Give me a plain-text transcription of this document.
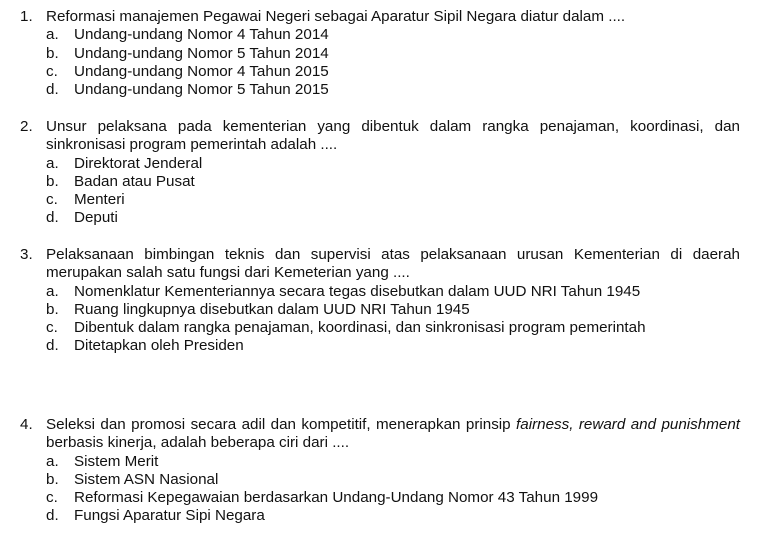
1. Reformasi manajemen Pegawai Negeri sebagai Aparatur Sipil Negara diatur dalam ....
a.	Undang-undang Nomor 4 Tahun 2014
b.	Undang-undang Nomor 5 Tahun 2014
c.	Undang-undang Nomor 4 Tahun 2015
d.	Undang-undang Nomor 5 Tahun 2015
2. Unsur pelaksana pada kementerian yang dibentuk dalam rangka penajaman, koordinasi, dan sinkronisasi program pemerintah adalah ....
a.	Direktorat Jenderal
b.	Badan atau Pusat
c.	Menteri
d.	Deputi
3. Pelaksanaan bimbingan teknis dan supervisi atas pelaksanaan urusan Kementerian di daerah merupakan salah satu fungsi dari Kemeterian yang ....
a.	Nomenklatur Kementeriannya secara tegas disebutkan dalam UUD NRI Tahun 1945
b.	Ruang lingkupnya disebutkan dalam UUD NRI Tahun 1945
c.	Dibentuk dalam rangka penajaman, koordinasi, dan sinkronisasi program pemerintah
d.	Ditetapkan oleh Presiden
4. Seleksi dan promosi secara adil dan kompetitif, menerapkan prinsip fairness, reward and punishment berbasis kinerja, adalah beberapa ciri dari ....
a.	Sistem Merit
b.	Sistem ASN Nasional
c.	Reformasi Kepegawaian berdasarkan Undang-Undang Nomor 43 Tahun 1999
d.	Fungsi Aparatur Sipi Negara
